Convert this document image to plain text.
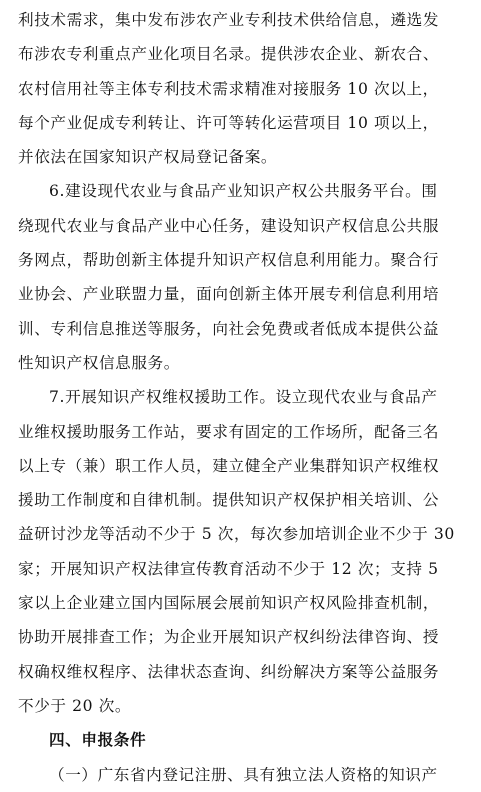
利技术需求，集中发布涉农产业专利技术供给信息，遴选发
布涉农专利重点产业化项目名录。提供涉农企业、新农合、
农村信用社等主体专利技术需求精准对接服务 10 次以上，
每个产业促成专利转让、许可等转化运营项目 10 项以上，
并依法在国家知识产权局登记备案。
6.建设现代农业与食品产业知识产权公共服务平台。围
绕现代农业与食品产业中心任务，建设知识产权信息公共服
务网点，帮助创新主体提升知识产权信息利用能力。聚合行
业协会、产业联盟力量，面向创新主体开展专利信息利用培
训、专利信息推送等服务，向社会免费或者低成本提供公益
性知识产权信息服务。
7.开展知识产权维权援助工作。设立现代农业与食品产
业维权援助服务工作站，要求有固定的工作场所，配备三名
以上专（兼）职工作人员，建立健全产业集群知识产权维权
援助工作制度和自律机制。提供知识产权保护相关培训、公
益研讨沙龙等活动不少于 5 次，每次参加培训企业不少于 30
家；开展知识产权法律宣传教育活动不少于 12 次；支持 5
家以上企业建立国内国际展会展前知识产权风险排查机制，
协助开展排查工作；为企业开展知识产权纠纷法律咨询、授
权确权维权程序、法律状态查询、纠纷解决方案等公益服务
不少于 20 次。
四、申报条件
（一）广东省内登记注册、具有独立法人资格的知识产
